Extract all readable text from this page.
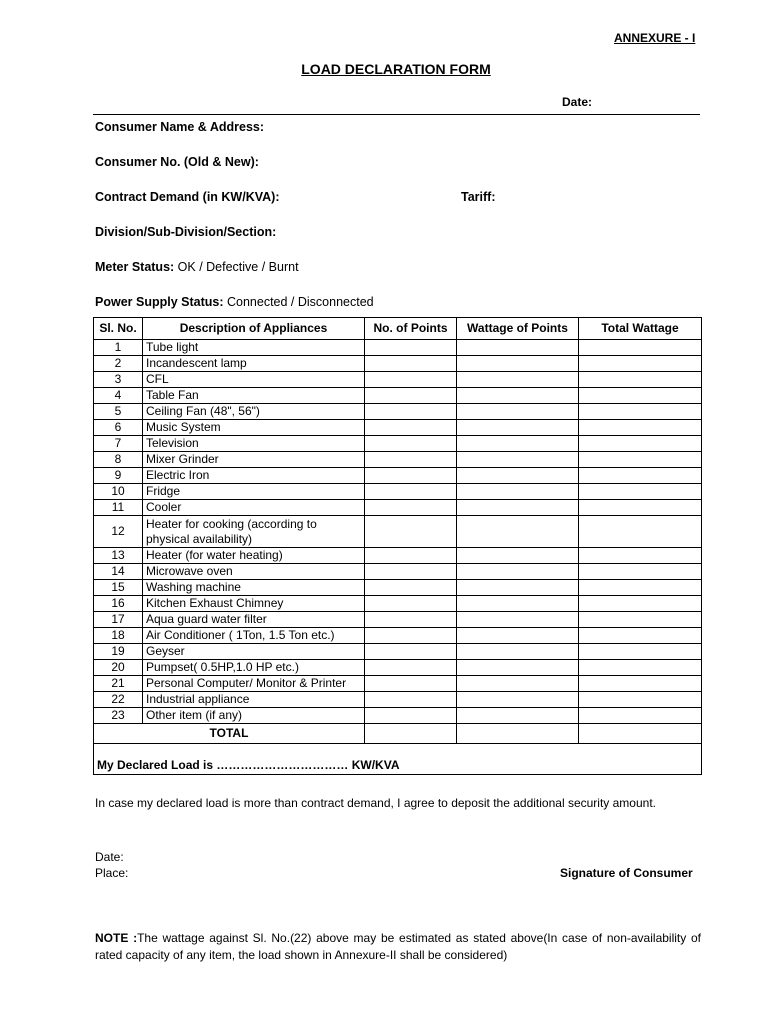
ANNEXURE - I
LOAD DECLARATION FORM
Date:
Consumer Name & Address:
Consumer No. (Old & New):
Contract Demand (in KW/KVA):	Tariff:
Division/Sub-Division/Section:
Meter Status: OK / Defective / Burnt
Power Supply Status: Connected / Disconnected
Sl. No.	Description of Appliances	No. of Points	Wattage of Points	Total Wattage
1	Tube light			
2	Incandescent lamp			
3	CFL			
4	Table Fan			
5	Ceiling Fan (48", 56")			
6	Music System			
7	Television			
8	Mixer Grinder			
9	Electric Iron			
10	Fridge			
11	Cooler			
12	Heater for cooking (according to physical availability)			
13	Heater (for water heating)			
14	Microwave oven			
15	Washing machine			
16	Kitchen Exhaust Chimney			
17	Aqua guard water filter			
18	Air Conditioner ( 1Ton, 1.5 Ton etc.)			
19	Geyser			
20	Pumpset( 0.5HP,1.0 HP etc.)			
21	Personal Computer/ Monitor & Printer			
22	Industrial appliance			
23	Other item (if any)			
TOTAL				
My Declared Load is …………………………… KW/KVA				
In case my declared load is more than contract demand, I agree to deposit the additional security amount.
Date:
Place:	Signature of Consumer
NOTE :The wattage against Sl. No.(22) above may be estimated as stated above(In case of non-availability of rated capacity of any item, the load shown in Annexure-II shall be considered)
